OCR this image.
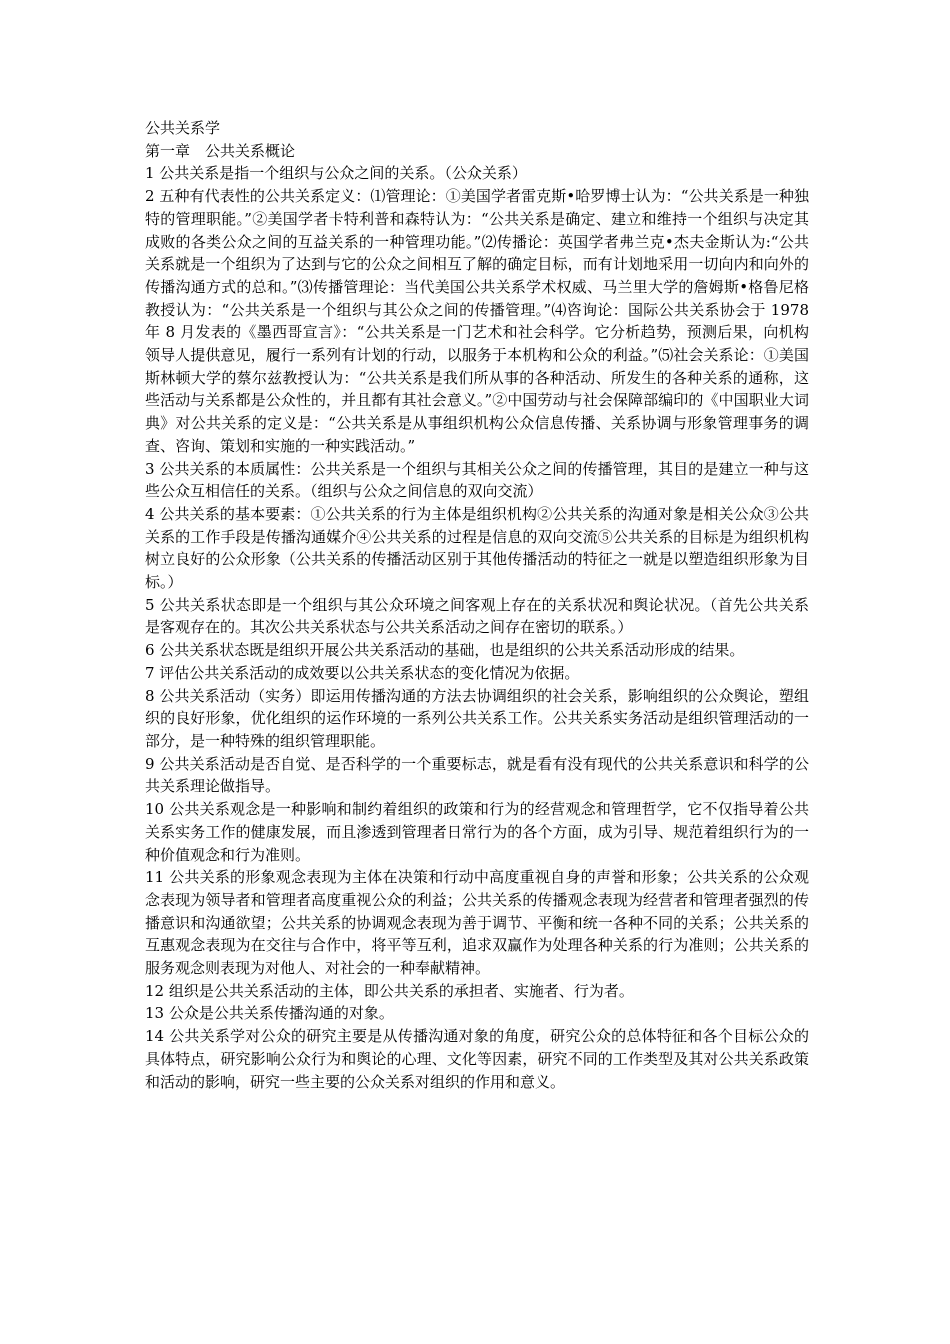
公共关系学

第一章　公共关系概论

1 公共关系是指一个组织与公众之间的关系。（公众关系）

2 五种有代表性的公共关系定义：⑴管理论：①美国学者雷克斯•哈罗博士认为：“公共关系是一种独特的管理职能。”②美国学者卡特利普和森特认为：“公共关系是确定、建立和维持一个组织与决定其成败的各类公众之间的互益关系的一种管理功能。”⑵传播论：英国学者弗兰克•杰夫金斯认为:“公共关系就是一个组织为了达到与它的公众之间相互了解的确定目标，而有计划地采用一切向内和向外的传播沟通方式的总和。”⑶传播管理论：当代美国公共关系学术权威、马兰里大学的詹姆斯•格鲁尼格教授认为：“公共关系是一个组织与其公众之间的传播管理。”⑷咨询论：国际公共关系协会于 1978 年 8 月发表的《墨西哥宣言》：“公共关系是一门艺术和社会科学。它分析趋势，预测后果，向机构领导人提供意见，履行一系列有计划的行动，以服务于本机构和公众的利益。”⑸社会关系论：①美国斯林顿大学的蔡尔兹教授认为：“公共关系是我们所从事的各种活动、所发生的各种关系的通称，这些活动与关系都是公众性的，并且都有其社会意义。”②中国劳动与社会保障部编印的《中国职业大词典》对公共关系的定义是：“公共关系是从事组织机构公众信息传播、关系协调与形象管理事务的调查、咨询、策划和实施的一种实践活动。”

3 公共关系的本质属性：公共关系是一个组织与其相关公众之间的传播管理，其目的是建立一种与这些公众互相信任的关系。（组织与公众之间信息的双向交流）

4 公共关系的基本要素：①公共关系的行为主体是组织机构②公共关系的沟通对象是相关公众③公共关系的工作手段是传播沟通媒介④公共关系的过程是信息的双向交流⑤公共关系的目标是为组织机构树立良好的公众形象（公共关系的传播活动区别于其他传播活动的特征之一就是以塑造组织形象为目标。）

5 公共关系状态即是一个组织与其公众环境之间客观上存在的关系状况和舆论状况。（首先公共关系是客观存在的。其次公共关系状态与公共关系活动之间存在密切的联系。）

6 公共关系状态既是组织开展公共关系活动的基础，也是组织的公共关系活动形成的结果。

7 评估公共关系活动的成效要以公共关系状态的变化情况为依据。

8 公共关系活动（实务）即运用传播沟通的方法去协调组织的社会关系，影响组织的公众舆论，塑组织的良好形象，优化组织的运作环境的一系列公共关系工作。公共关系实务活动是组织管理活动的一部分，是一种特殊的组织管理职能。

9 公共关系活动是否自觉、是否科学的一个重要标志，就是看有没有现代的公共关系意识和科学的公共关系理论做指导。

10 公共关系观念是一种影响和制约着组织的政策和行为的经营观念和管理哲学，它不仅指导着公共关系实务工作的健康发展，而且渗透到管理者日常行为的各个方面，成为引导、规范着组织行为的一种价值观念和行为准则。

11 公共关系的形象观念表现为主体在决策和行动中高度重视自身的声誉和形象；公共关系的公众观念表现为领导者和管理者高度重视公众的利益；公共关系的传播观念表现为经营者和管理者强烈的传播意识和沟通欲望；公共关系的协调观念表现为善于调节、平衡和统一各种不同的关系；公共关系的互惠观念表现为在交往与合作中，将平等互利，追求双赢作为处理各种关系的行为准则；公共关系的服务观念则表现为对他人、对社会的一种奉献精神。

12 组织是公共关系活动的主体，即公共关系的承担者、实施者、行为者。

13 公众是公共关系传播沟通的对象。

14 公共关系学对公众的研究主要是从传播沟通对象的角度，研究公众的总体特征和各个目标公众的具体特点，研究影响公众行为和舆论的心理、文化等因素，研究不同的工作类型及其对公共关系政策和活动的影响，研究一些主要的公众关系对组织的作用和意义。
